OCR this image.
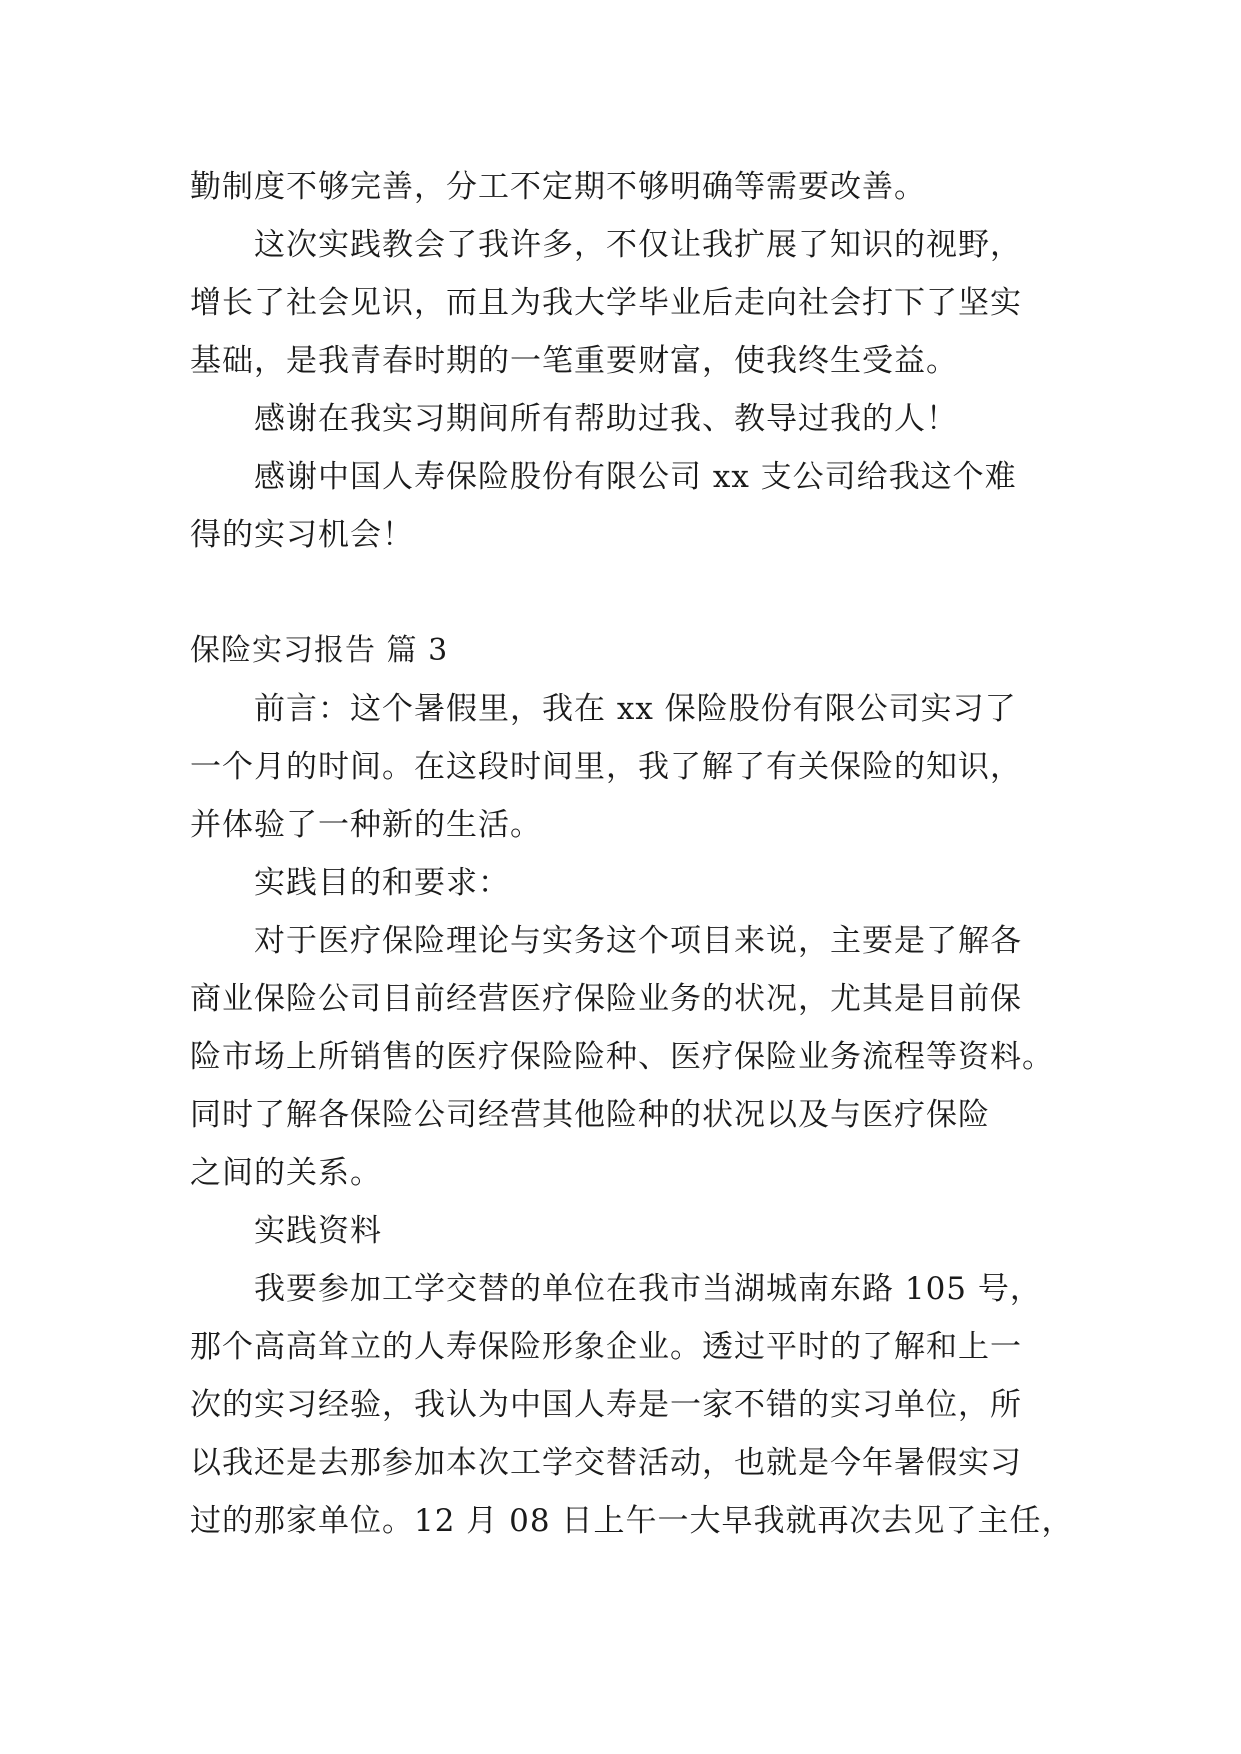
勤制度不够完善，分工不定期不够明确等需要改善。
这次实践教会了我许多，不仅让我扩展了知识的视野，
增长了社会见识，而且为我大学毕业后走向社会打下了坚实
基础，是我青春时期的一笔重要财富，使我终生受益。
感谢在我实习期间所有帮助过我、教导过我的人！
感谢中国人寿保险股份有限公司 xx 支公司给我这个难
得的实习机会！
保险实习报告 篇 3
前言：这个暑假里，我在 xx 保险股份有限公司实习了
一个月的时间。在这段时间里，我了解了有关保险的知识，
并体验了一种新的生活。
实践目的和要求：
对于医疗保险理论与实务这个项目来说，主要是了解各
商业保险公司目前经营医疗保险业务的状况，尤其是目前保
险市场上所销售的医疗保险险种、医疗保险业务流程等资料。
同时了解各保险公司经营其他险种的状况以及与医疗保险
之间的关系。
实践资料
我要参加工学交替的单位在我市当湖城南东路 105 号，
那个高高耸立的人寿保险形象企业。透过平时的了解和上一
次的实习经验，我认为中国人寿是一家不错的实习单位，所
以我还是去那参加本次工学交替活动，也就是今年暑假实习
过的那家单位。12 月 08 日上午一大早我就再次去见了主任，
